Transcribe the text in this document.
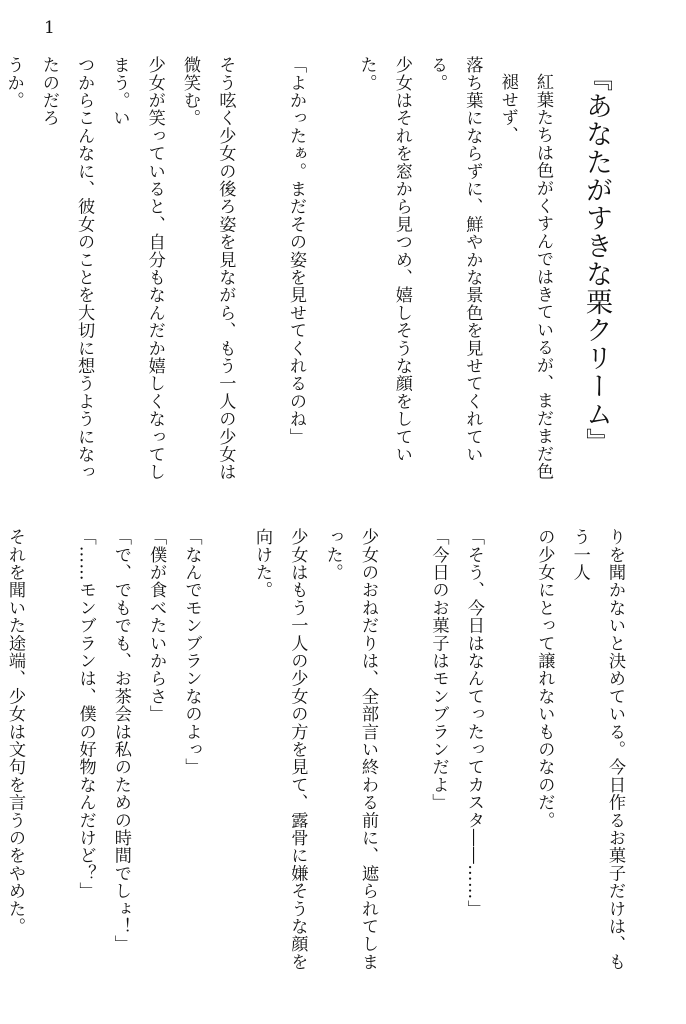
1
『あなたがすきな栗クリーム』
紅葉たちは色がくすんではきているが、まだまだ色褪せず、
落ち葉にならずに、鮮やかな景色を見せてくれている。
少女はそれを窓から見つめ、嬉しそうな顔をしていた。
「よかったぁ。まだその姿を見せてくれるのね」
そう呟く少女の後ろ姿を見ながら、もう一人の少女は微笑む。
少女が笑っていると、自分もなんだか嬉しくなってしまう。い
つからこんなに、彼女のことを大切に想うようになったのだろ
うか。
りを聞かないと決めている。今日作るお菓子だけは、もう一人
の少女にとって譲れないものなのだ。
「そう、今日はなんてったってカスタ――……」
「今日のお菓子はモンブランだよ」
少女のおねだりは、全部言い終わる前に、遮られてしまった。
少女はもう一人の少女の方を見て、露骨に嫌そうな顔を向けた。
「なんでモンブランなのよっ」
「僕が食べたいからさ」
「で、でもでも、お茶会は私のための時間でしょ！」
「……モンブランは、僕の好物なんだけど？」
それを聞いた途端、少女は文句を言うのをやめた。
